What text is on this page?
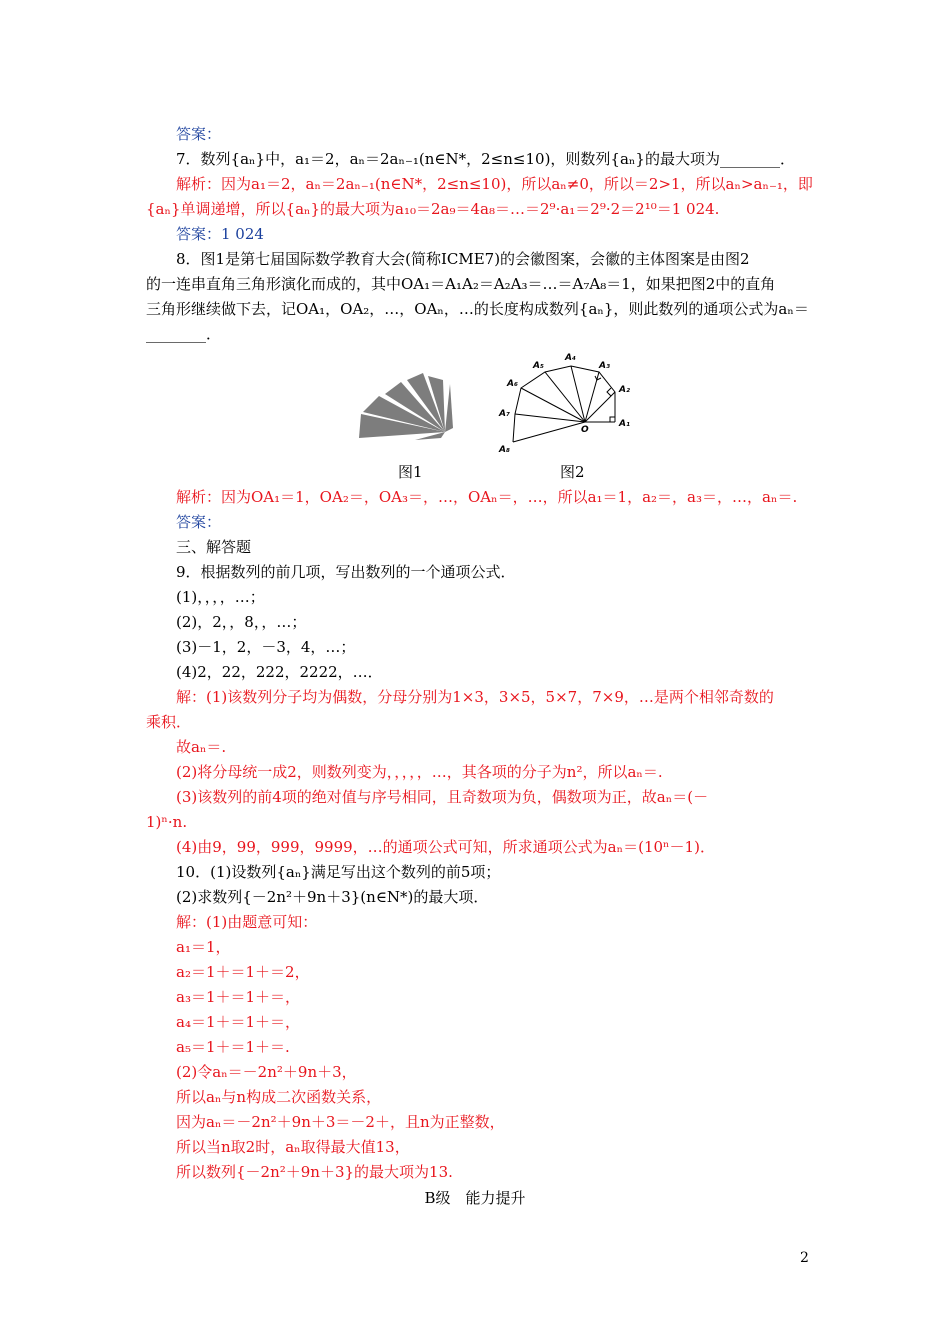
答案：
7．数列{aₙ}中，a₁＝2，aₙ＝2aₙ₋₁(n∈N*，2≤n≤10)，则数列{aₙ}的最大项为________．
解析：因为a₁＝2，aₙ＝2aₙ₋₁(n∈N*，2≤n≤10)，所以aₙ≠0，所以＝2>1，所以aₙ>aₙ₋₁，即
{aₙ}单调递增，所以{aₙ}的最大项为a₁₀＝2a₉＝4a₈＝…＝2⁹·a₁＝2⁹·2＝2¹⁰＝1 024.
答案：1 024
8．图1是第七届国际数学教育大会(简称ICME7)的会徽图案，会徽的主体图案是由图2
的一连串直角三角形演化而成的，其中OA₁＝A₁A₂＝A₂A₃＝…＝A₇A₈＝1，如果把图2中的直角
三角形继续做下去，记OA₁，OA₂，…，OAₙ，…的长度构成数列{aₙ}，则此数列的通项公式为aₙ＝
________．
A₁
A₂
A₃
A₄
A₅
A₆
A₇
A₈
O
图1	图2
解析：因为OA₁＝1，OA₂＝，OA₃＝，…，OAₙ＝，…，所以a₁＝1，a₂＝，a₃＝，…，aₙ＝.
答案：
三、解答题
9．根据数列的前几项，写出数列的一个通项公式．
(1)，，，，…；
(2)，2，，8，，…；
(3)－1，2，－3，4，…；
(4)2，22，222，2222，…．
解：(1)该数列分子均为偶数，分母分别为1×3，3×5，5×7，7×9，…是两个相邻奇数的
乘积．
故aₙ＝.
(2)将分母统一成2，则数列变为，，，，，…，其各项的分子为n²，所以aₙ＝.
(3)该数列的前4项的绝对值与序号相同，且奇数项为负，偶数项为正，故aₙ＝(－
1)ⁿ·n.
(4)由9，99，999，9999，…的通项公式可知，所求通项公式为aₙ＝(10ⁿ－1)．
10．(1)设数列{aₙ}满足写出这个数列的前5项；
(2)求数列{－2n²＋9n＋3}(n∈N*)的最大项．
解：(1)由题意可知：
a₁＝1，
a₂＝1＋＝1＋＝2，
a₃＝1＋＝1＋＝，
a₄＝1＋＝1＋＝，
a₅＝1＋＝1＋＝.
(2)令aₙ＝－2n²＋9n＋3，
所以aₙ与n构成二次函数关系，
因为aₙ＝－2n²＋9n＋3＝－2＋，且n为正整数，
所以当n取2时，aₙ取得最大值13，
所以数列{－2n²＋9n＋3}的最大项为13.
B级　能力提升
2
